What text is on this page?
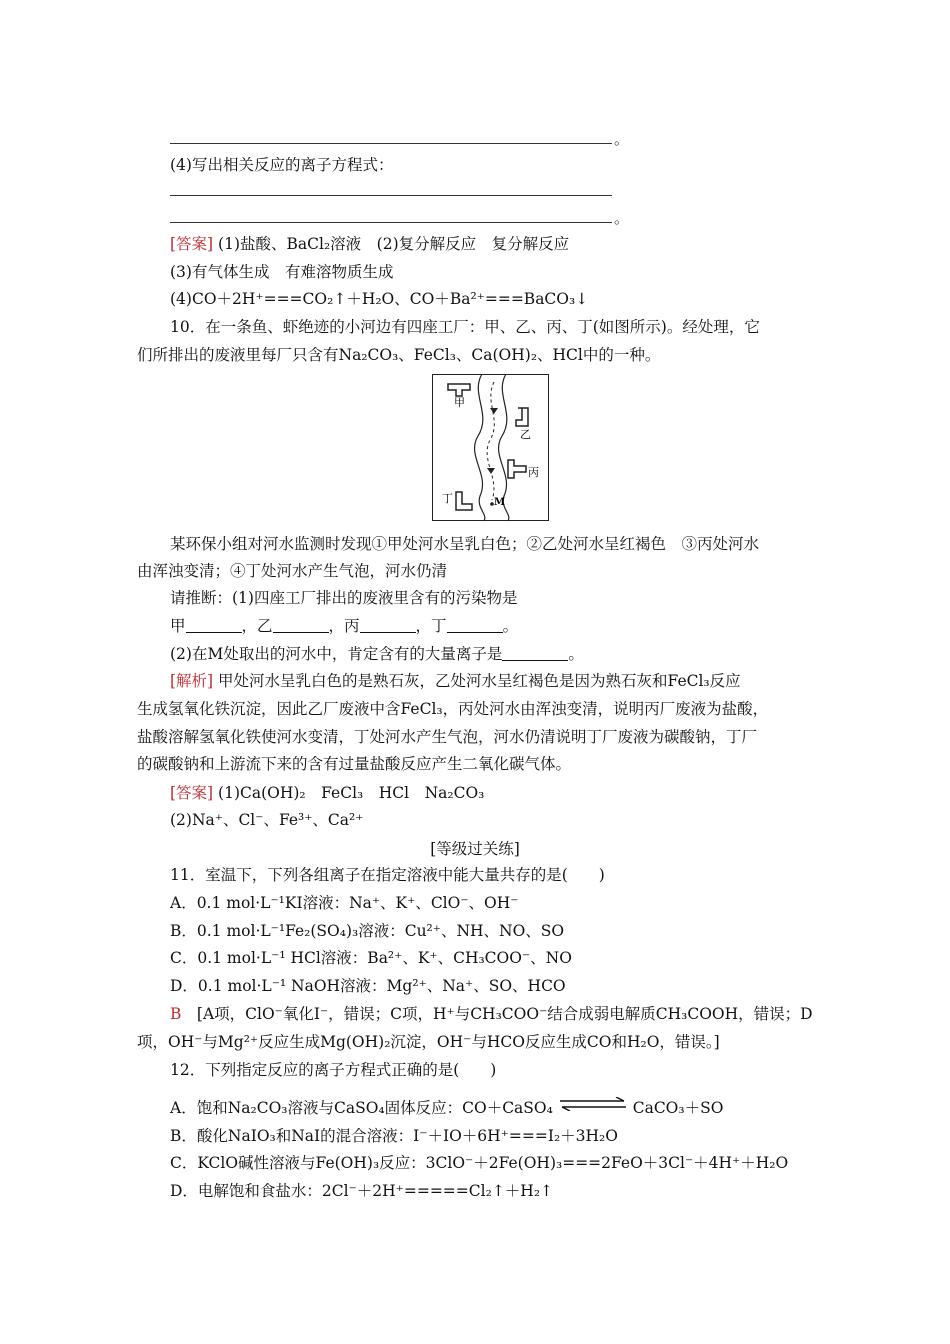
。
(4)写出相关反应的离子方程式：
。
[答案] (1)盐酸、BaCl₂溶液　(2)复分解反应　复分解反应
(3)有气体生成　有难溶物质生成
(4)CO＋2H⁺===CO₂↑＋H₂O、CO＋Ba²⁺===BaCO₃↓
10．在一条鱼、虾绝迹的小河边有四座工厂：甲、乙、丙、丁(如图所示)。经处理，它
们所排出的废液里每厂只含有Na₂CO₃、FeCl₃、Ca(OH)₂、HCl中的一种。
甲
乙
丙
丁	M
某环保小组对河水监测时发现①甲处河水呈乳白色；②乙处河水呈红褐色　③丙处河水
由浑浊变清；④丁处河水产生气泡，河水仍清
请推断：(1)四座工厂排出的废液里含有的污染物是
甲	，乙	，丙	，丁	。
(2)在M处取出的河水中，肯定含有的大量离子是	。
[解析] 甲处河水呈乳白色的是熟石灰，乙处河水呈红褐色是因为熟石灰和FeCl₃反应
生成氢氧化铁沉淀，因此乙厂废液中含FeCl₃，丙处河水由浑浊变清，说明丙厂废液为盐酸，
盐酸溶解氢氧化铁使河水变清，丁处河水产生气泡，河水仍清说明丁厂废液为碳酸钠，丁厂
的碳酸钠和上游流下来的含有过量盐酸反应产生二氧化碳气体。
[答案] (1)Ca(OH)₂　FeCl₃　HCl　Na₂CO₃
(2)Na⁺、Cl⁻、Fe³⁺、Ca²⁺
[等级过关练]
11．室温下，下列各组离子在指定溶液中能大量共存的是(　　)
A．0.1 mol·L⁻¹KI溶液：Na⁺、K⁺、ClO⁻、OH⁻
B．0.1 mol·L⁻¹Fe₂(SO₄)₃溶液：Cu²⁺、NH、NO、SO
C．0.1 mol·L⁻¹ HCl溶液：Ba²⁺、K⁺、CH₃COO⁻、NO
D．0.1 mol·L⁻¹ NaOH溶液：Mg²⁺、Na⁺、SO、HCO
B　[A项，ClO⁻氧化I⁻，错误；C项，H⁺与CH₃COO⁻结合成弱电解质CH₃COOH，错误；D
项，OH⁻与Mg²⁺反应生成Mg(OH)₂沉淀，OH⁻与HCO反应生成CO和H₂O，错误。]
12．下列指定反应的离子方程式正确的是(　　)
A．饱和Na₂CO₃溶液与CaSO₄固体反应：CO＋CaSO₄	CaCO₃＋SO
B．酸化NaIO₃和NaI的混合溶液：I⁻＋IO＋6H⁺===I₂＋3H₂O
C．KClO碱性溶液与Fe(OH)₃反应：3ClO⁻＋2Fe(OH)₃===2FeO＋3Cl⁻＋4H⁺＋H₂O
D．电解饱和食盐水：2Cl⁻＋2H⁺=====Cl₂↑＋H₂↑
